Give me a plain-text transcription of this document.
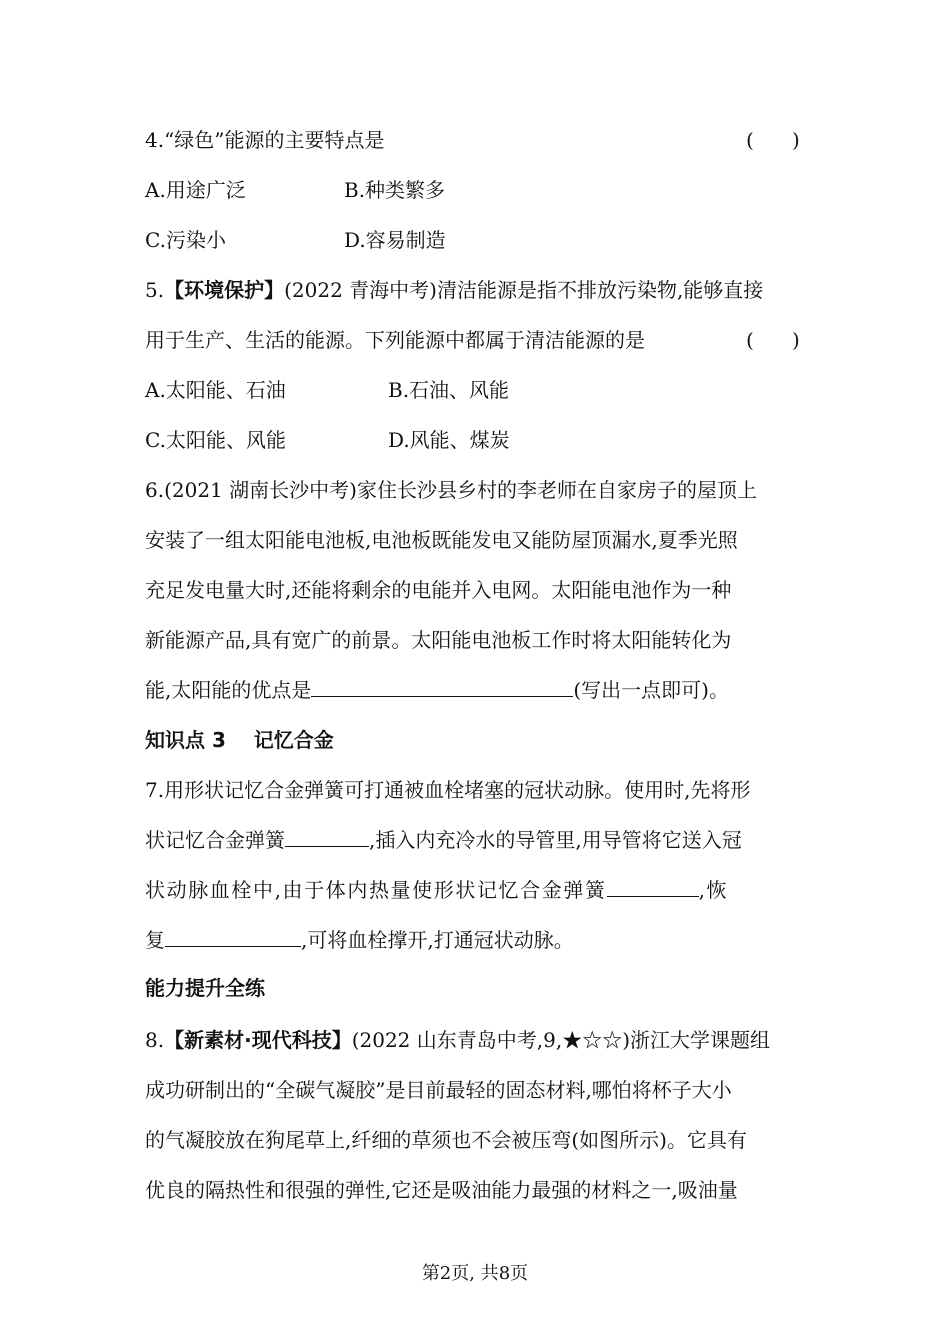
4.“绿色”能源的主要特点是	(      )
A.用途广泛	B.种类繁多
C.污染小	D.容易制造
5.【环境保护】(2022 青海中考)清洁能源是指不排放污染物,能够直接
用于生产、生活的能源。下列能源中都属于清洁能源的是	(      )
A.太阳能、石油	B.石油、风能
C.太阳能、风能	D.风能、煤炭
6.(2021 湖南长沙中考)家住长沙县乡村的李老师在自家房子的屋顶上
安装了一组太阳能电池板,电池板既能发电又能防屋顶漏水,夏季光照
充足发电量大时,还能将剩余的电能并入电网。太阳能电池作为一种
新能源产品,具有宽广的前景。太阳能电池板工作时将太阳能转化为
能,太阳能的优点是	(写出一点即可)。
知识点 3    记忆合金
7.用形状记忆合金弹簧可打通被血栓堵塞的冠状动脉。使用时,先将形
状记忆合金弹簧	,插入内充冷水的导管里,用导管将它送入冠
状动脉血栓中,由于体内热量使形状记忆合金弹簧	,恢
复	,可将血栓撑开,打通冠状动脉。
能力提升全练
8.【新素材·现代科技】(2022 山东青岛中考,9,★☆☆)浙江大学课题组
成功研制出的“全碳气凝胶”是目前最轻的固态材料,哪怕将杯子大小
的气凝胶放在狗尾草上,纤细的草须也不会被压弯(如图所示)。它具有
优良的隔热性和很强的弹性,它还是吸油能力最强的材料之一,吸油量
第2页, 共8页
